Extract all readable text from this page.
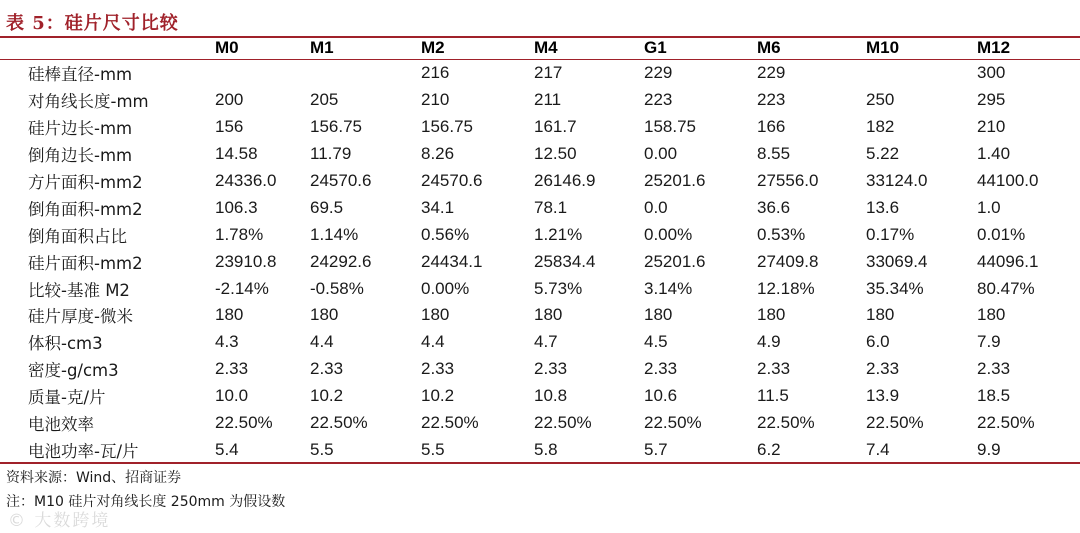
表 5：硅片尺寸比较
	M0	M1	M2	M4	G1	M6	M10	M12
硅棒直径-mm			216	217	229	229		300
对角线长度-mm	200	205	210	211	223	223	250	295
硅片边长-mm	156	156.75	156.75	161.7	158.75	166	182	210
倒角边长-mm	14.58	11.79	8.26	12.50	0.00	8.55	5.22	1.40
方片面积-mm2	24336.0	24570.6	24570.6	26146.9	25201.6	27556.0	33124.0	44100.0
倒角面积-mm2	106.3	69.5	34.1	78.1	0.0	36.6	13.6	1.0
倒角面积占比	1.78%	1.14%	0.56%	1.21%	0.00%	0.53%	0.17%	0.01%
硅片面积-mm2	23910.8	24292.6	24434.1	25834.4	25201.6	27409.8	33069.4	44096.1
比较-基准 M2	-2.14%	-0.58%	0.00%	5.73%	3.14%	12.18%	35.34%	80.47%
硅片厚度-微米	180	180	180	180	180	180	180	180
体积-cm3	4.3	4.4	4.4	4.7	4.5	4.9	6.0	7.9
密度-g/cm3	2.33	2.33	2.33	2.33	2.33	2.33	2.33	2.33
质量-克/片	10.0	10.2	10.2	10.8	10.6	11.5	13.9	18.5
电池效率	22.50%	22.50%	22.50%	22.50%	22.50%	22.50%	22.50%	22.50%
电池功率-瓦/片	5.4	5.5	5.5	5.8	5.7	6.2	7.4	9.9
资料来源：Wind、招商证券
注：M10 硅片对角线长度 250mm 为假设数
© 大数跨境
